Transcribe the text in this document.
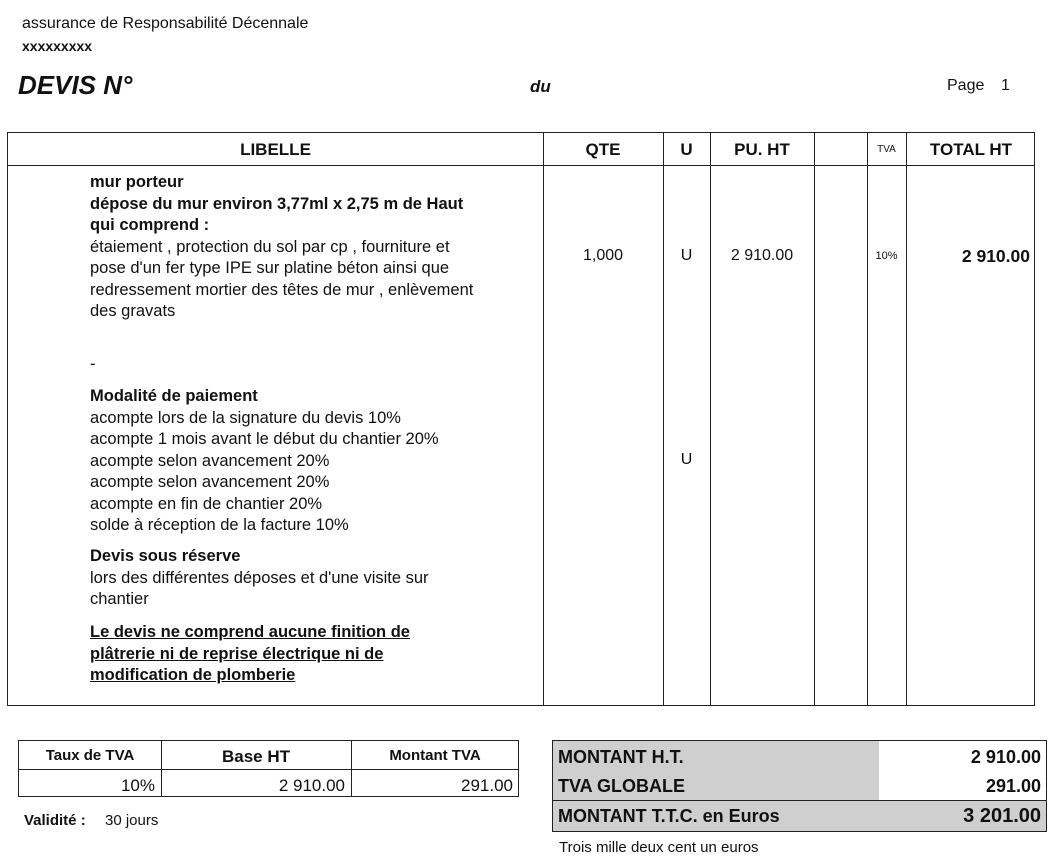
assurance de Responsabilité Décennale
xxxxxxxxx
DEVIS N°	du	Page 1
LIBELLE	QTE	U	PU. HT	TVA	TOTAL HT
mur porteur
dépose du mur environ 3,77ml x 2,75 m de Haut
qui comprend :
étaiement , protection du sol par cp , fourniture et
pose d'un fer type IPE sur platine béton ainsi que
redressement mortier des têtes de mur , enlèvement
des gravats
-
Modalité de paiement
acompte lors de la signature du devis 10%
acompte 1 mois avant le début du chantier 20%
acompte selon avancement 20%
acompte selon avancement 20%
acompte en fin de chantier 20%
solde à réception de la facture 10%
Devis sous réserve
lors des différentes déposes et d'une visite sur
chantier
Le devis ne comprend aucune finition de
plâtrerie ni de reprise électrique ni de
modification de plomberie
1,000	U	2 910.00	10%	2 910.00
U
Taux de TVA	Base HT	Montant TVA
10%	2 910.00	291.00
Validité : 30 jours
MONTANT H.T.	2 910.00
TVA GLOBALE	291.00
MONTANT T.T.C. en Euros	3 201.00
Trois mille deux cent un euros
